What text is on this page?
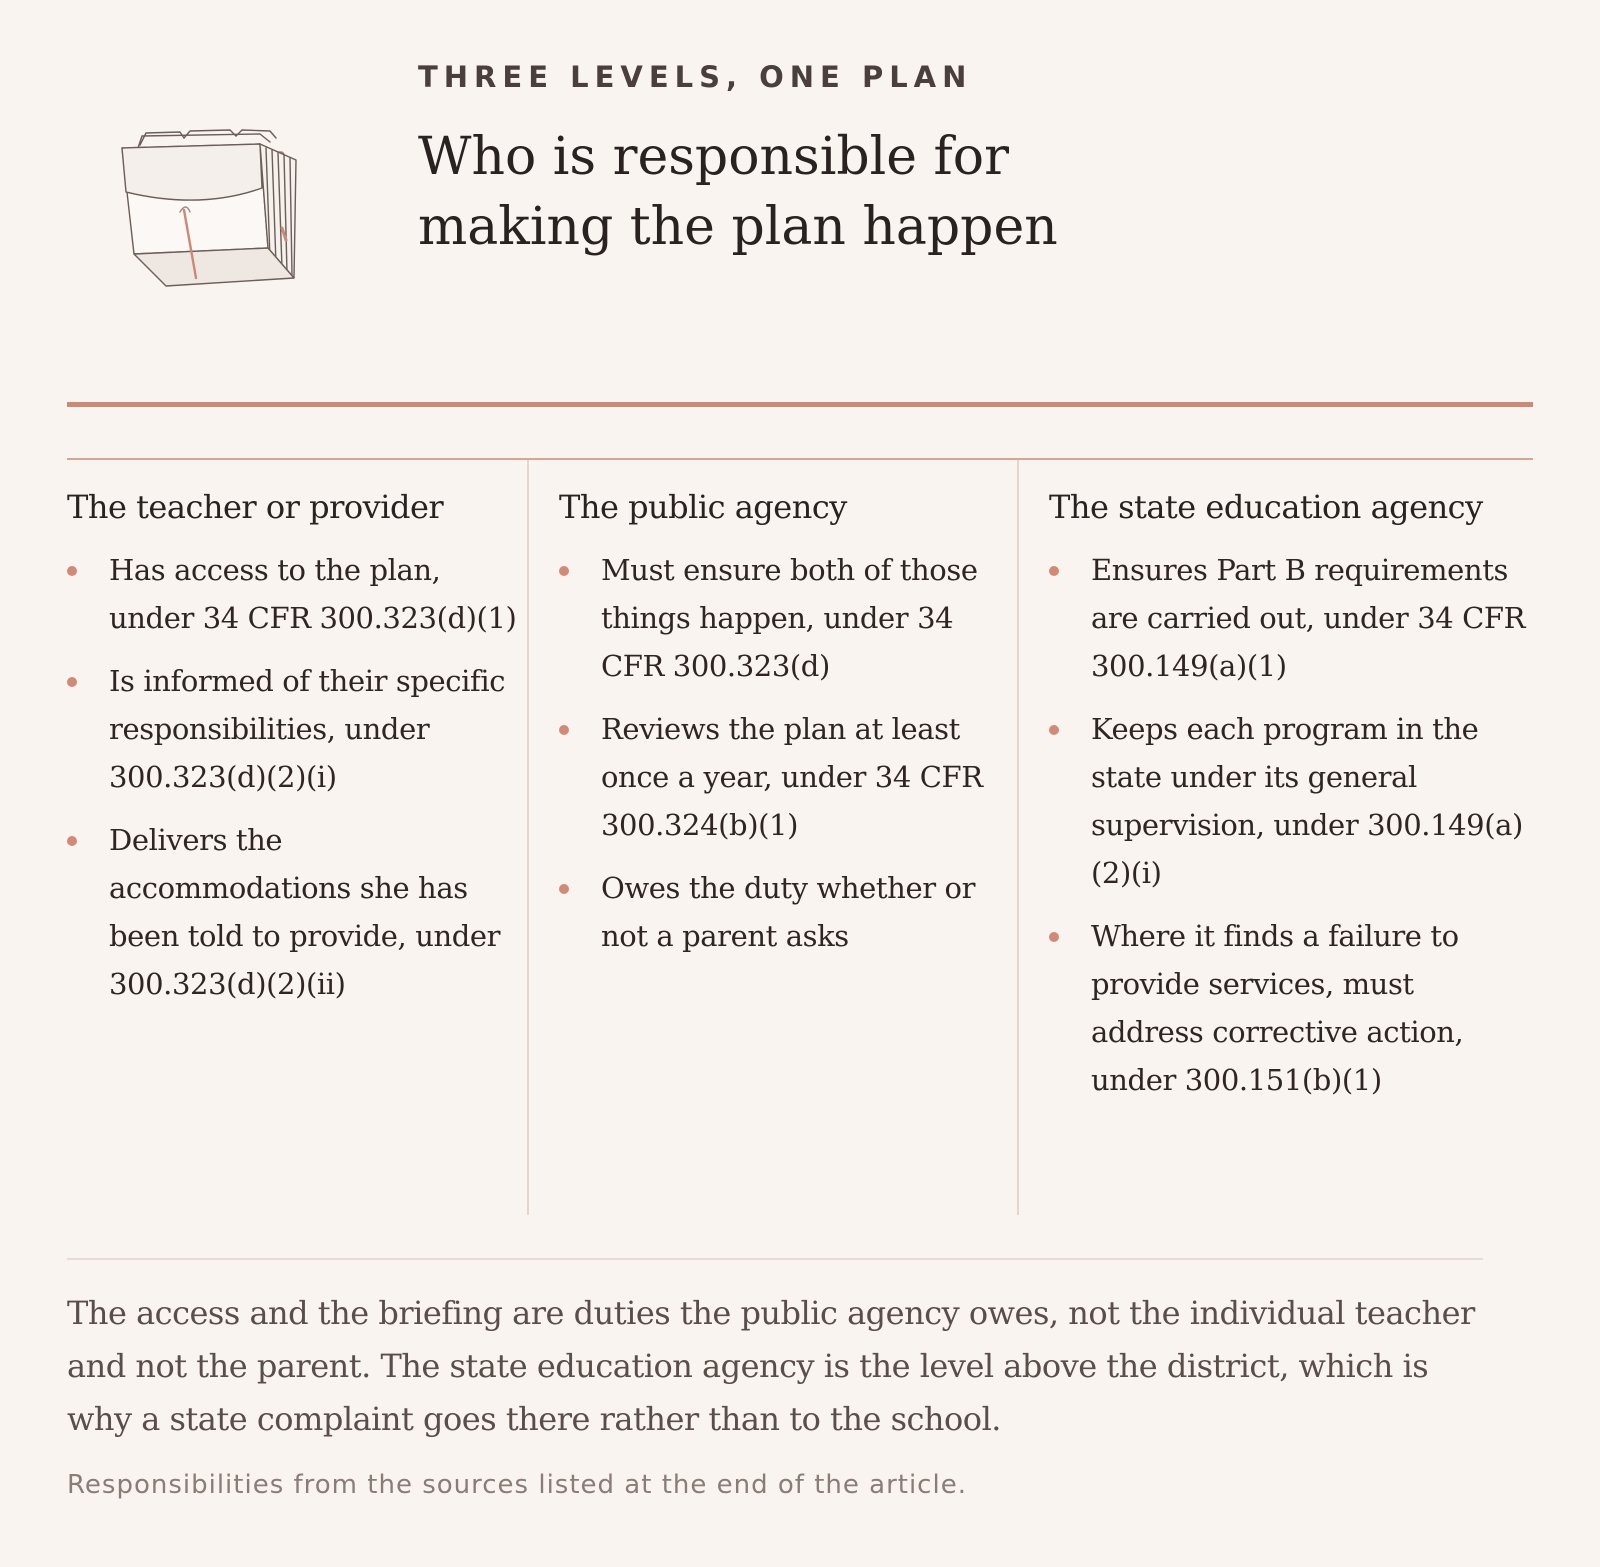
THREE LEVELS, ONE PLAN
Who is responsible for
making the plan happen
The teacher or provider
Has access to the plan, under 34 CFR 300.323(d)(1)
Is informed of their specific responsibilities, under 300.323(d)(2)(i)
Delivers the accommodations she has been told to provide, under 300.323(d)(2)(ii)
The public agency
Must ensure both of those things happen, under 34 CFR 300.323(d)
Reviews the plan at least once a year, under 34 CFR 300.324(b)(1)
Owes the duty whether or not a parent asks
The state education agency
Ensures Part B requirements are carried out, under 34 CFR 300.149(a)(1)
Keeps each program in the state under its general supervision, under 300.149(a)(2)(i)
Where it finds a failure to provide services, must address corrective action, under 300.151(b)(1)

The access and the briefing are duties the public agency owes, not the individual teacher and not the parent. The state education agency is the level above the district, which is why a state complaint goes there rather than to the school.

Responsibilities from the sources listed at the end of the article.
